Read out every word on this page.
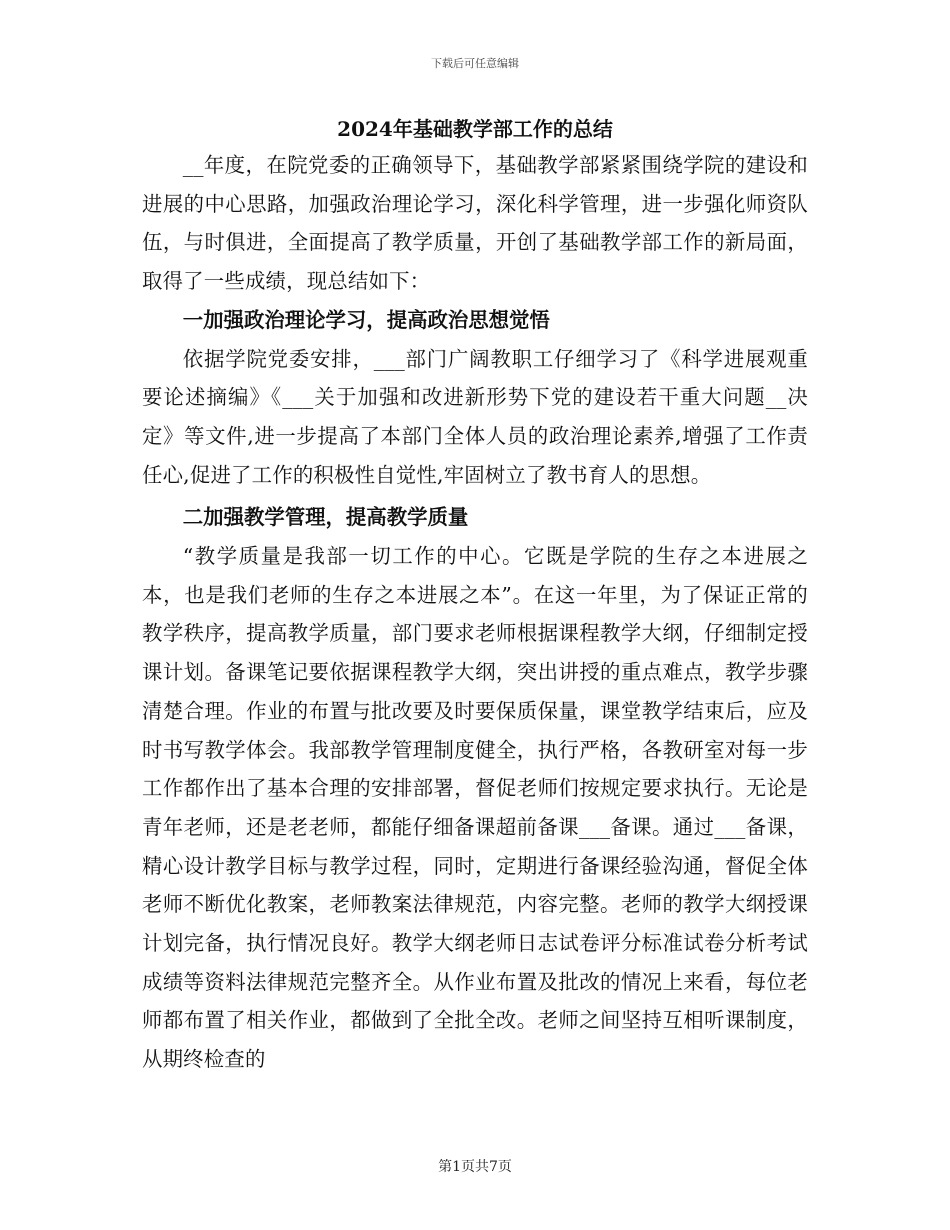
下载后可任意编辑
2024年基础教学部工作的总结

__年度，在院党委的正确领导下，基础教学部紧紧围绕学院的建设和进展的中心思路，加强政治理论学习，深化科学管理，进一步强化师资队伍，与时俱进，全面提高了教学质量，开创了基础教学部工作的新局面，取得了一些成绩，现总结如下：

一加强政治理论学习，提高政治思想觉悟

依据学院党委安排，___部门广阔教职工仔细学习了《科学进展观重要论述摘编》《___关于加强和改进新形势下党的建设若干重大问题__决定》等文件,进一步提高了本部门全体人员的政治理论素养,增强了工作责任心,促进了工作的积极性自觉性,牢固树立了教书育人的思想。

二加强教学管理，提高教学质量

“教学质量是我部一切工作的中心。它既是学院的生存之本进展之本，也是我们老师的生存之本进展之本”。在这一年里，为了保证正常的教学秩序，提高教学质量，部门要求老师根据课程教学大纲，仔细制定授课计划。备课笔记要依据课程教学大纲，突出讲授的重点难点，教学步骤清楚合理。作业的布置与批改要及时要保质保量，课堂教学结束后，应及时书写教学体会。我部教学管理制度健全，执行严格，各教研室对每一步工作都作出了基本合理的安排部署，督促老师们按规定要求执行。无论是青年老师，还是老老师，都能仔细备课超前备课___备课。通过___备课，精心设计教学目标与教学过程，同时，定期进行备课经验沟通，督促全体老师不断优化教案，老师教案法律规范，内容完整。老师的教学大纲授课计划完备，执行情况良好。教学大纲老师日志试卷评分标准试卷分析考试成绩等资料法律规范完整齐全。从作业布置及批改的情况上来看，每位老师都布置了相关作业，都做到了全批全改。老师之间坚持互相听课制度，从期终检查的

第1页共7页
